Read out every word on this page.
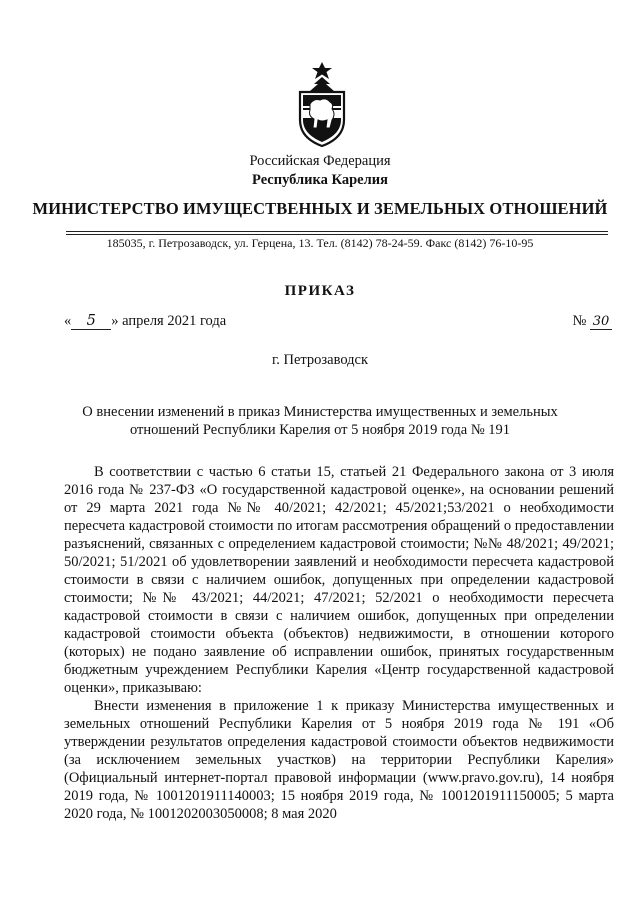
Российская Федерация
Республика Карелия
МИНИСТЕРСТВО ИМУЩЕСТВЕННЫХ И ЗЕМЕЛЬНЫХ ОТНОШЕНИЙ
185035, г. Петрозаводск, ул. Герцена, 13. Тел. (8142) 78-24-59. Факс (8142) 76-10-95
ПРИКАЗ
« 5 » апреля 2021 года	№ 30
г. Петрозаводск
О внесении изменений в приказ Министерства имущественных и земельных
отношений Республики Карелия от 5 ноября 2019 года № 191

В соответствии с частью 6 статьи 15, статьей 21 Федерального закона от 3 июля 2016 года № 237-ФЗ «О государственной кадастровой оценке», на основании решений от 29 марта 2021 года №№ 40/2021; 42/2021; 45/2021;53/2021 о необходимости пересчета кадастровой стоимости по итогам рассмотрения обращений о предоставлении разъяснений, связанных с определением кадастровой стоимости; №№ 48/2021; 49/2021; 50/2021; 51/2021 об удовлетворении заявлений и необходимости пересчета кадастровой стоимости в связи с наличием ошибок, допущенных при определении кадастровой стоимости; №№ 43/2021; 44/2021; 47/2021; 52/2021 о необходимости пересчета кадастровой стоимости в связи с наличием ошибок, допущенных при определении кадастровой стоимости объекта (объектов) недвижимости, в отношении которого (которых) не подано заявление об исправлении ошибок, принятых государственным бюджетным учреждением Республики Карелия «Центр государственной кадастровой оценки», приказываю:

Внести изменения в приложение 1 к приказу Министерства имущественных и земельных отношений Республики Карелия от 5 ноября 2019 года № 191 «Об утверждении результатов определения кадастровой стоимости объектов недвижимости (за исключением земельных участков) на территории Республики Карелия» (Официальный интернет-портал правовой информации (www.pravo.gov.ru), 14 ноября 2019 года, № 1001201911140003; 15 ноября 2019 года, № 1001201911150005; 5 марта 2020 года, № 1001202003050008; 8 мая 2020
